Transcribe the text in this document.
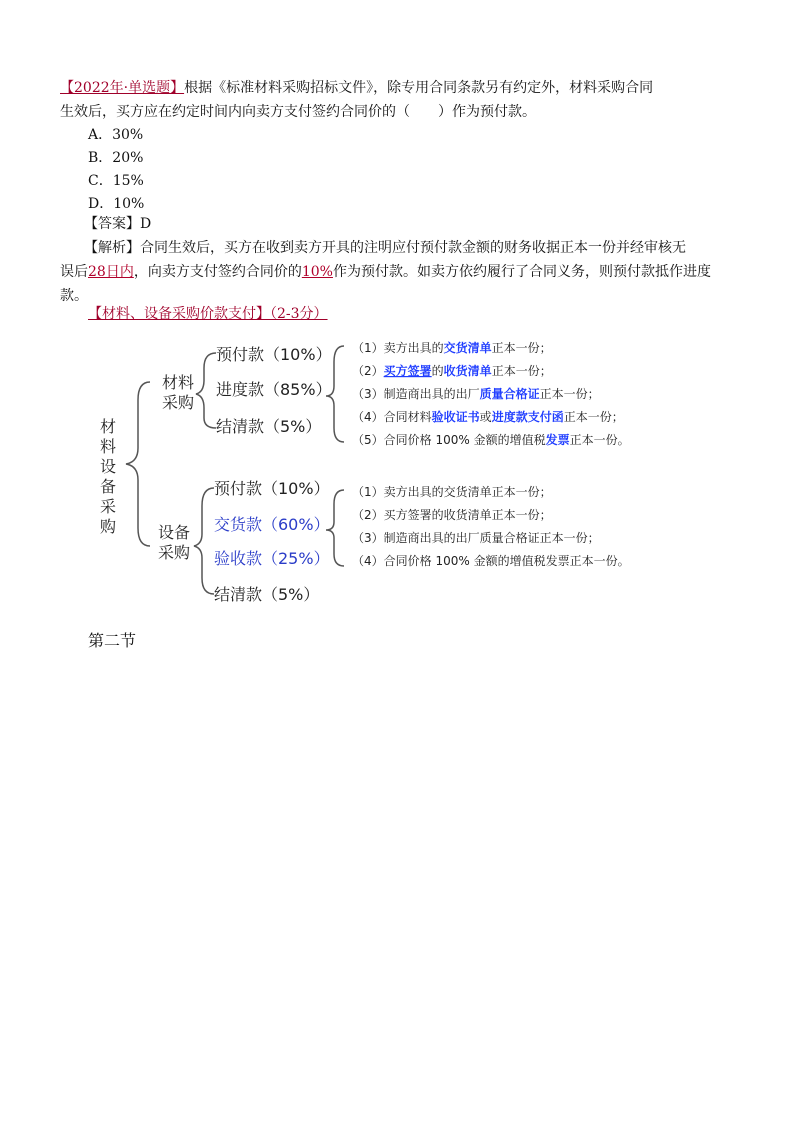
【2022年·单选题】根据《标准材料采购招标文件》，除专用合同条款另有约定外，材料采购合同
生效后，买方应在约定时间内向卖方支付签约合同价的（　　）作为预付款。
A．30%
B．20%
C．15%
D．10%
【答案】D
【解析】合同生效后，买方在收到卖方开具的注明应付预付款金额的财务收据正本一份并经审核无
误后28日内，向卖方支付签约合同价的10%作为预付款。如卖方依约履行了合同义务，则预付款抵作进度
款。
【材料、设备采购价款支付】（2-3分）
材
料
设
备
采
购
材料
采购
预付款（10%）
进度款（85%）
结清款（5%）
（1）卖方出具的交货清单正本一份；
（2）买方签署的收货清单正本一份；
（3）制造商出具的出厂质量合格证正本一份；
（4）合同材料验收证书或进度款支付函正本一份；
（5）合同价格 100% 金额的增值税发票正本一份。
设备
采购
预付款（10%）
交货款（60%）
验收款（25%）
结清款（5%）
（1）卖方出具的交货清单正本一份；
（2）买方签署的收货清单正本一份；
（3）制造商出具的出厂质量合格证正本一份；
（4）合同价格 100% 金额的增值税发票正本一份。
第二节
